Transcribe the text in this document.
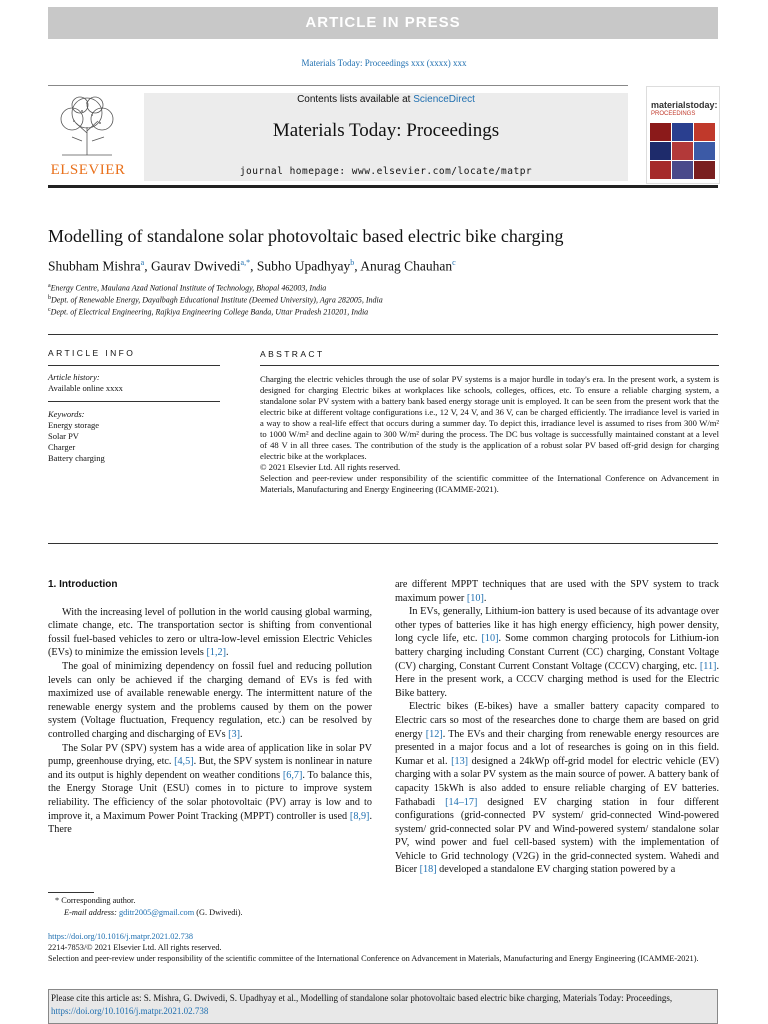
ARTICLE IN PRESS
Materials Today: Proceedings xxx (xxxx) xxx
ELSEVIER
Contents lists available at ScienceDirect
Materials Today: Proceedings
journal homepage: www.elsevier.com/locate/matpr
materialstoday:
PROCEEDINGS
Modelling of standalone solar photovoltaic based electric bike charging
Shubham Mishra$^a$, Gaurav Dwivedi$^{a,*}$, Subho Upadhyay$^b$, Anurag Chauhan$^c$
$^a$Energy Centre, Maulana Azad National Institute of Technology, Bhopal 462003, India
$^b$Dept. of Renewable Energy, Dayalbagh Educational Institute (Deemed University), Agra 282005, India
$^c$Dept. of Electrical Engineering, Rajkiya Engineering College Banda, Uttar Pradesh 210201, India
ARTICLE INFO
Article history:
Available online xxxx
Keywords:
Energy storage
Solar PV
Charger
Battery charging
ABSTRACT
Charging the electric vehicles through the use of solar PV systems is a major hurdle in today's era. In the present work, a system is designed for charging Electric bikes at workplaces like schools, colleges, offices, etc. To ensure a reliable charging system, a standalone solar PV system with a battery bank based energy storage unit is employed. It can be seen from the present work that the electric bike at different voltage configurations i.e., 12 V, 24 V, and 36 V, can be charged efficiently. The irradiance level is varied in a way to show a real-life effect that occurs during a summer day. To depict this, irradiance level is assumed to rises from 300 W/m² to 1000 W/m² and decline again to 300 W/m² during the process. The DC bus voltage is successfully maintained constant at a level of 48 V in all three cases. The contribution of the study is the application of a robust solar PV based off-grid design for charging electric bike at the workplaces.
© 2021 Elsevier Ltd. All rights reserved.
Selection and peer-review under responsibility of the scientific committee of the International Conference on Advancement in Materials, Manufacturing and Energy Engineering (ICAMME-2021).

1. Introduction

With the increasing level of pollution in the world causing global warming, climate change, etc. The transportation sector is shifting from conventional fossil fuel-based vehicles to zero or ultra-low-level emission Electric Vehicles (EVs) to minimize the emission levels [1,2].

The goal of minimizing dependency on fossil fuel and reducing pollution levels can only be achieved if the charging demand of EVs is fed with maximized use of available renewable energy. The intermittent nature of the renewable energy system and the problems caused by them on the power system (Voltage fluctuation, Frequency regulation, etc.) can be resolved by controlled charging and discharging of EVs [3].

The Solar PV (SPV) system has a wide area of application like in solar PV pump, greenhouse drying, etc. [4,5]. But, the SPV system is nonlinear in nature and its output is highly dependent on weather conditions [6,7]. To balance this, the Energy Storage Unit (ESU) comes in to picture to improve system reliability. The efficiency of the solar photovoltaic (PV) array is low and to improve it, a Maximum Power Point Tracking (MPPT) controller is used [8,9]. There

are different MPPT techniques that are used with the SPV system to track maximum power [10].

In EVs, generally, Lithium-ion battery is used because of its advantage over other types of batteries like it has high energy efficiency, high power density, long cycle life, etc. [10]. Some common charging protocols for Lithium-ion battery charging including Constant Current (CC) charging, Constant Voltage (CV) charging, Constant Current Constant Voltage (CCCV) charging, etc. [11]. Here in the present work, a CCCV charging method is used for the Electric Bike battery.

Electric bikes (E-bikes) have a smaller battery capacity compared to Electric cars so most of the researches done to charge them are based on grid energy [12]. The EVs and their charging from renewable energy resources are presented in a major focus and a lot of researches is going on in this field. Kumar et al. [13] designed a 24kWp off-grid model for electric vehicle (EV) charging with a solar PV system as the main source of power. A battery bank of capacity 15kWh is also added to ensure reliable charging of EV batteries. Fathabadi [14–17] designed EV charging station in four different configurations (grid-connected PV system/ grid-connected Wind-powered system/ grid-connected solar PV and Wind-powered system/ standalone solar PV, wind power and fuel cell-based system) with the implementation of Vehicle to Grid technology (V2G) in the grid-connected system. Wahedi and Bicer [18] developed a standalone EV charging station powered by a

* Corresponding author.
E-mail address: gditr2005@gmail.com (G. Dwivedi).
https://doi.org/10.1016/j.matpr.2021.02.738
2214-7853/© 2021 Elsevier Ltd. All rights reserved.
Selection and peer-review under responsibility of the scientific committee of the International Conference on Advancement in Materials, Manufacturing and Energy Engineering (ICAMME-2021).
Please cite this article as: S. Mishra, G. Dwivedi, S. Upadhyay et al., Modelling of standalone solar photovoltaic based electric bike charging, Materials Today: Proceedings, https://doi.org/10.1016/j.matpr.2021.02.738
